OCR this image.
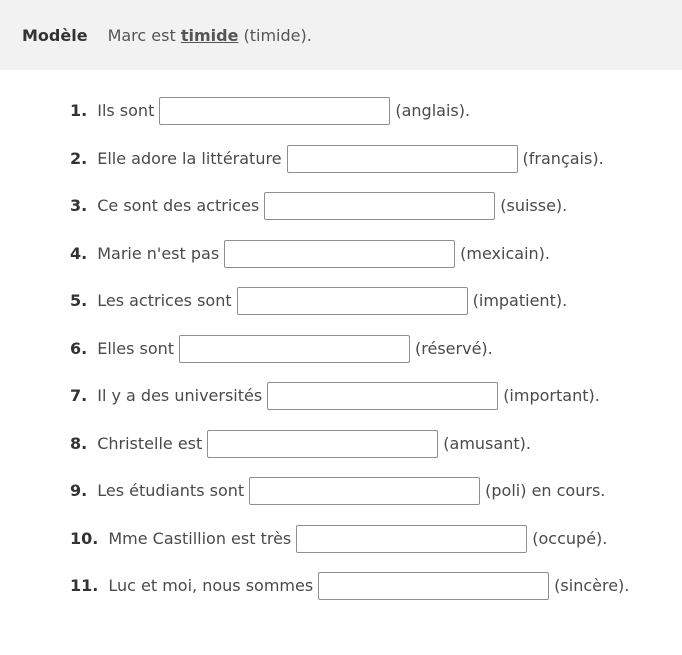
Modèle Marc est timide (timide).
1. Ils sont	(anglais).
2. Elle adore la littérature	(français).
3. Ce sont des actrices	(suisse).
4. Marie n'est pas	(mexicain).
5. Les actrices sont	(impatient).
6. Elles sont	(réservé).
7. Il y a des universités	(important).
8. Christelle est	(amusant).
9. Les étudiants sont	(poli) en cours.
10. Mme Castillion est très	(occupé).
11. Luc et moi, nous sommes	(sincère).
